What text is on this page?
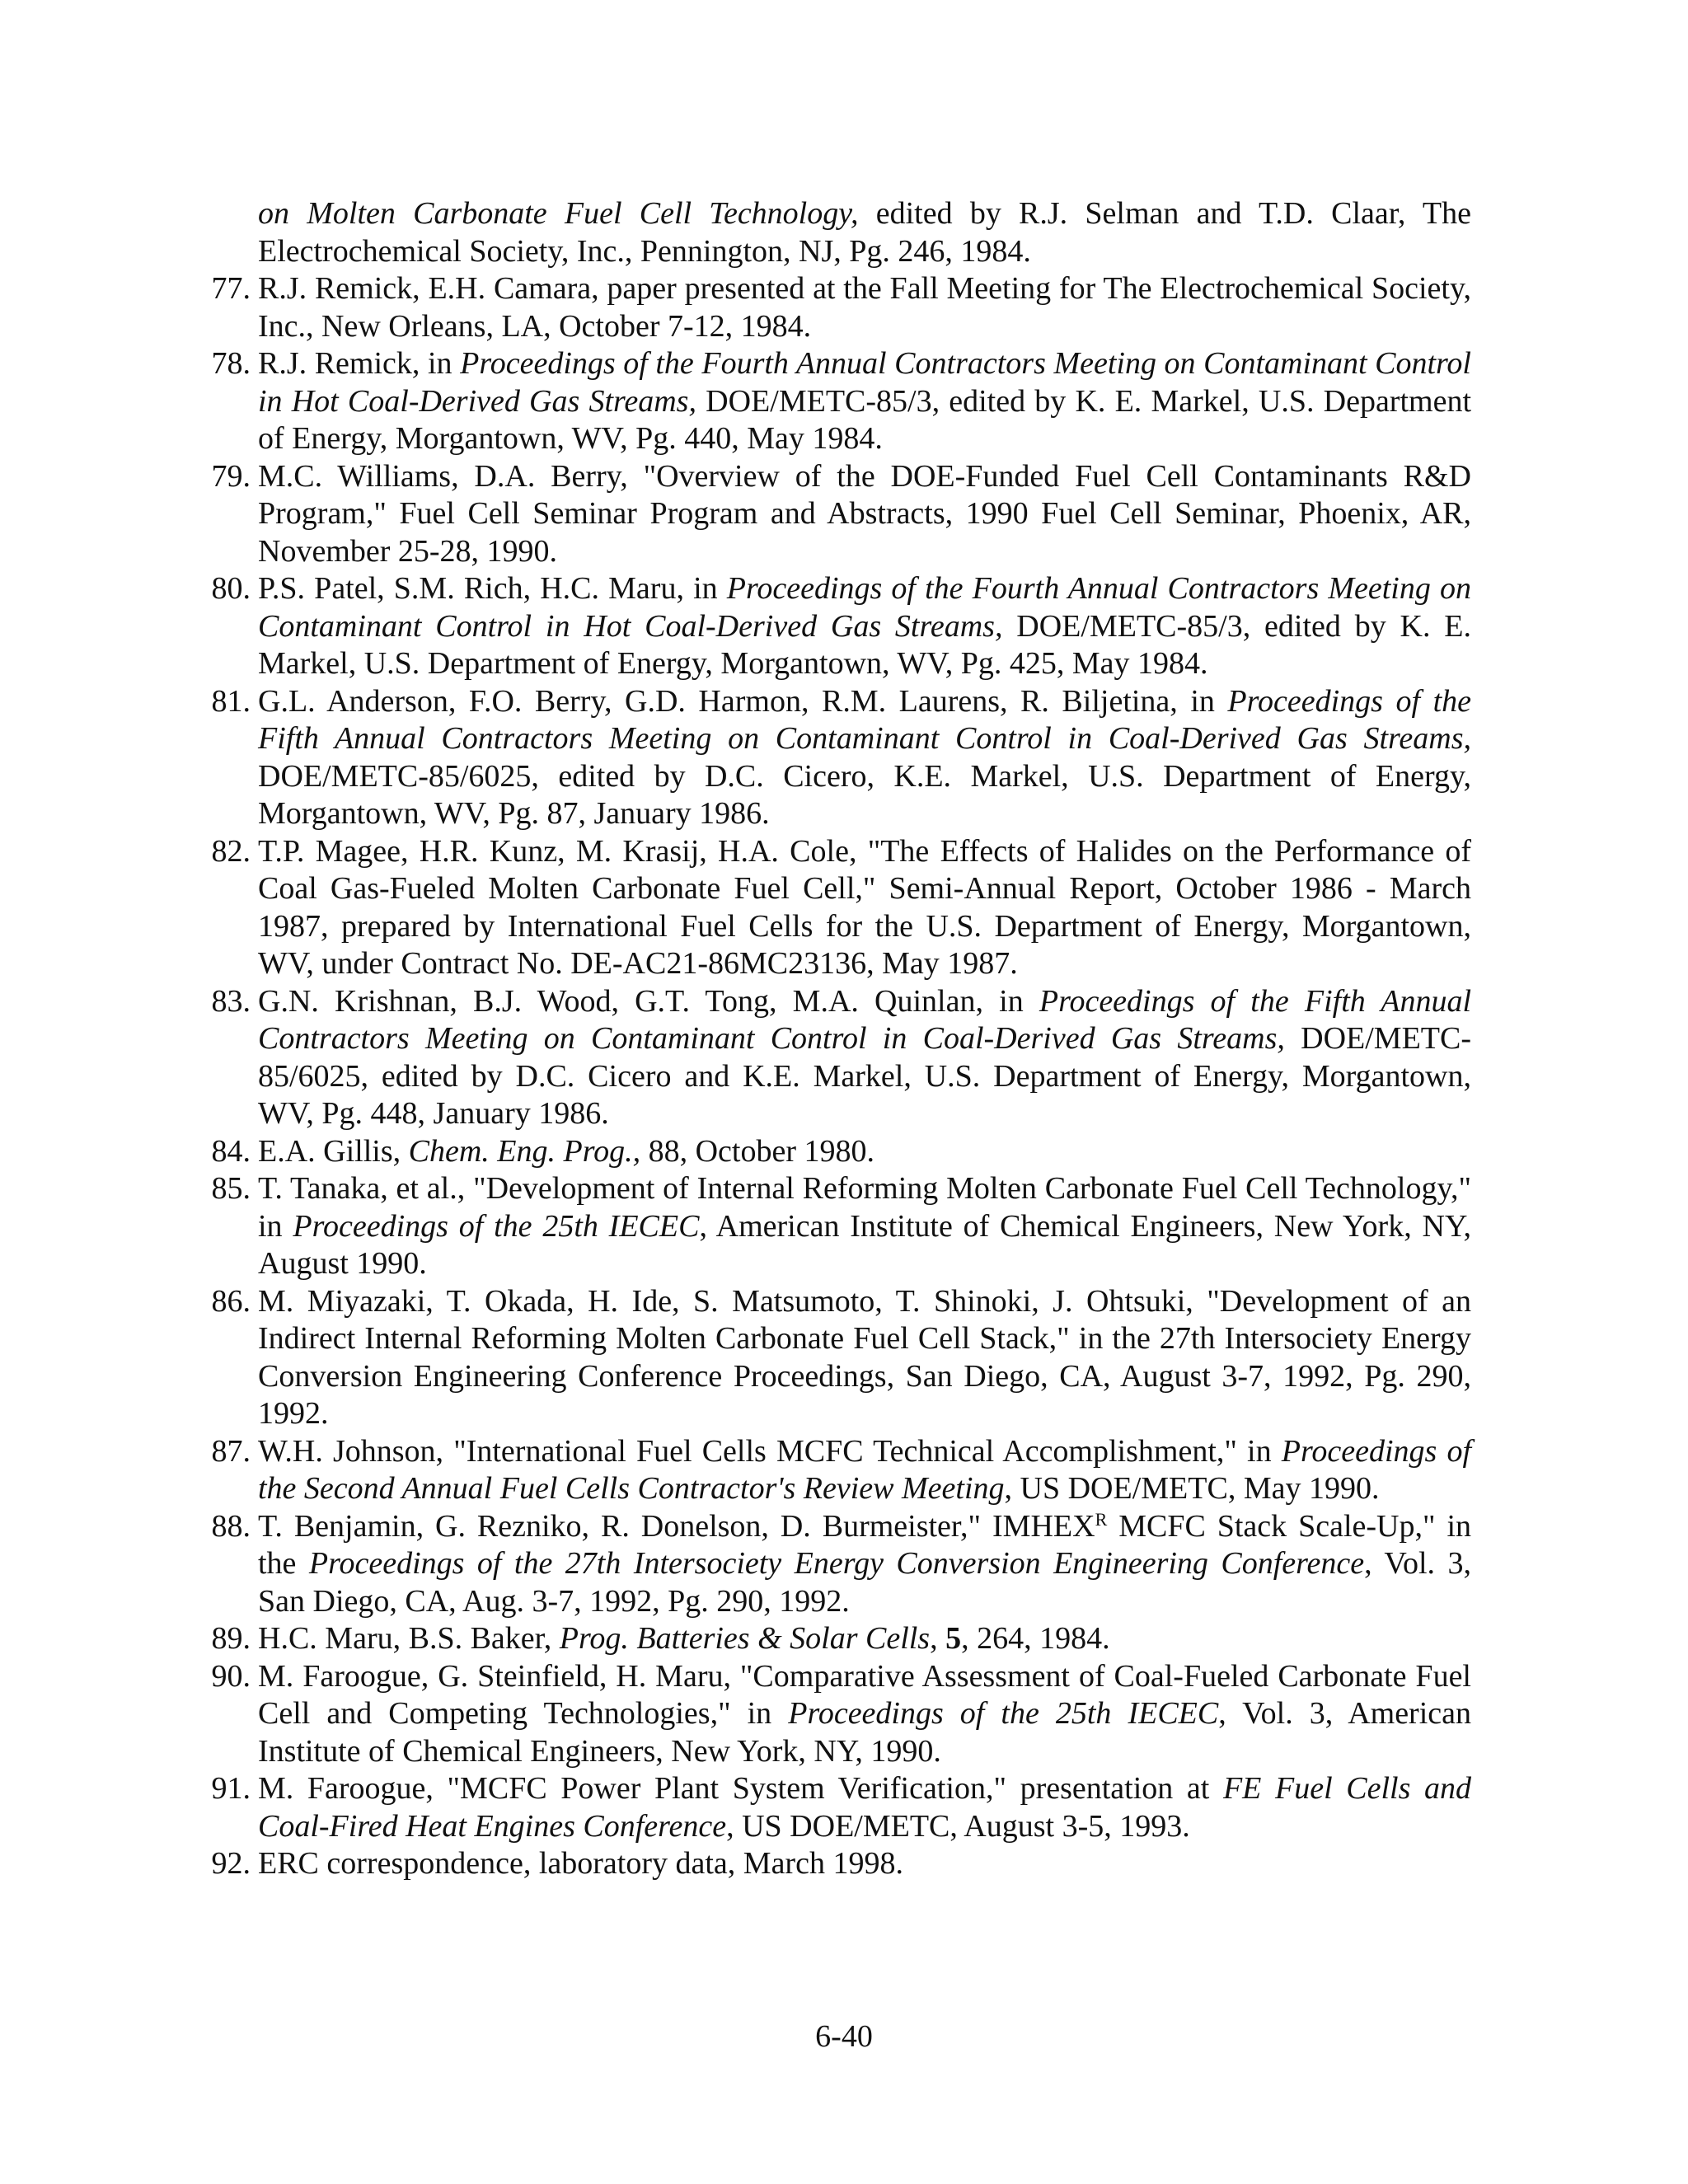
on Molten Carbonate Fuel Cell Technology, edited by R.J. Selman and T.D. Claar, The Electrochemical Society, Inc., Pennington, NJ, Pg. 246, 1984.
77. R.J. Remick, E.H. Camara, paper presented at the Fall Meeting for The Electrochemical Society, Inc., New Orleans, LA, October 7-12, 1984.
78. R.J. Remick, in Proceedings of the Fourth Annual Contractors Meeting on Contaminant Control in Hot Coal-Derived Gas Streams, DOE/METC-85/3, edited by K. E. Markel, U.S. Department of Energy, Morgantown, WV, Pg. 440, May 1984.
79. M.C. Williams, D.A. Berry, "Overview of the DOE-Funded Fuel Cell Contaminants R&D Program," Fuel Cell Seminar Program and Abstracts, 1990 Fuel Cell Seminar, Phoenix, AR, November 25-28, 1990.
80. P.S. Patel, S.M. Rich, H.C. Maru, in Proceedings of the Fourth Annual Contractors Meeting on Contaminant Control in Hot Coal-Derived Gas Streams, DOE/METC-85/3, edited by K. E. Markel, U.S. Department of Energy, Morgantown, WV, Pg. 425, May 1984.
81. G.L. Anderson, F.O. Berry, G.D. Harmon, R.M. Laurens, R. Biljetina, in Proceedings of the Fifth Annual Contractors Meeting on Contaminant Control in Coal-Derived Gas Streams, DOE/METC-85/6025, edited by D.C. Cicero, K.E. Markel, U.S. Department of Energy, Morgantown, WV, Pg. 87, January 1986.
82. T.P. Magee, H.R. Kunz, M. Krasij, H.A. Cole, "The Effects of Halides on the Performance of Coal Gas-Fueled Molten Carbonate Fuel Cell," Semi-Annual Report, October 1986 - March 1987, prepared by International Fuel Cells for the U.S. Department of Energy, Morgantown, WV, under Contract No. DE-AC21-86MC23136, May 1987.
83. G.N. Krishnan, B.J. Wood, G.T. Tong, M.A. Quinlan, in Proceedings of the Fifth Annual Contractors Meeting on Contaminant Control in Coal-Derived Gas Streams, DOE/METC-85/6025, edited by D.C. Cicero and K.E. Markel, U.S. Department of Energy, Morgantown, WV, Pg. 448, January 1986.
84. E.A. Gillis, Chem. Eng. Prog., 88, October 1980.
85. T. Tanaka, et al., "Development of Internal Reforming Molten Carbonate Fuel Cell Technology," in Proceedings of the 25th IECEC, American Institute of Chemical Engineers, New York, NY, August 1990.
86. M. Miyazaki, T. Okada, H. Ide, S. Matsumoto, T. Shinoki, J. Ohtsuki, "Development of an Indirect Internal Reforming Molten Carbonate Fuel Cell Stack," in the 27th Intersociety Energy Conversion Engineering Conference Proceedings, San Diego, CA, August 3-7, 1992, Pg. 290, 1992.
87. W.H. Johnson, "International Fuel Cells MCFC Technical Accomplishment," in Proceedings of the Second Annual Fuel Cells Contractor's Review Meeting, US DOE/METC, May 1990.
88. T. Benjamin, G. Rezniko, R. Donelson, D. Burmeister," $IMHEX^R$ MCFC Stack Scale-Up," in the Proceedings of the 27th Intersociety Energy Conversion Engineering Conference, Vol. 3, San Diego, CA, Aug. 3-7, 1992, Pg. 290, 1992.
89. H.C. Maru, B.S. Baker, Prog. Batteries & Solar Cells, 5, 264, 1984.
90. M. Faroogue, G. Steinfield, H. Maru, "Comparative Assessment of Coal-Fueled Carbonate Fuel Cell and Competing Technologies," in Proceedings of the 25th IECEC, Vol. 3, American Institute of Chemical Engineers, New York, NY, 1990.
91. M. Faroogue, "MCFC Power Plant System Verification," presentation at FE Fuel Cells and Coal-Fired Heat Engines Conference, US DOE/METC, August 3-5, 1993.
92. ERC correspondence, laboratory data, March 1998.
6-40
